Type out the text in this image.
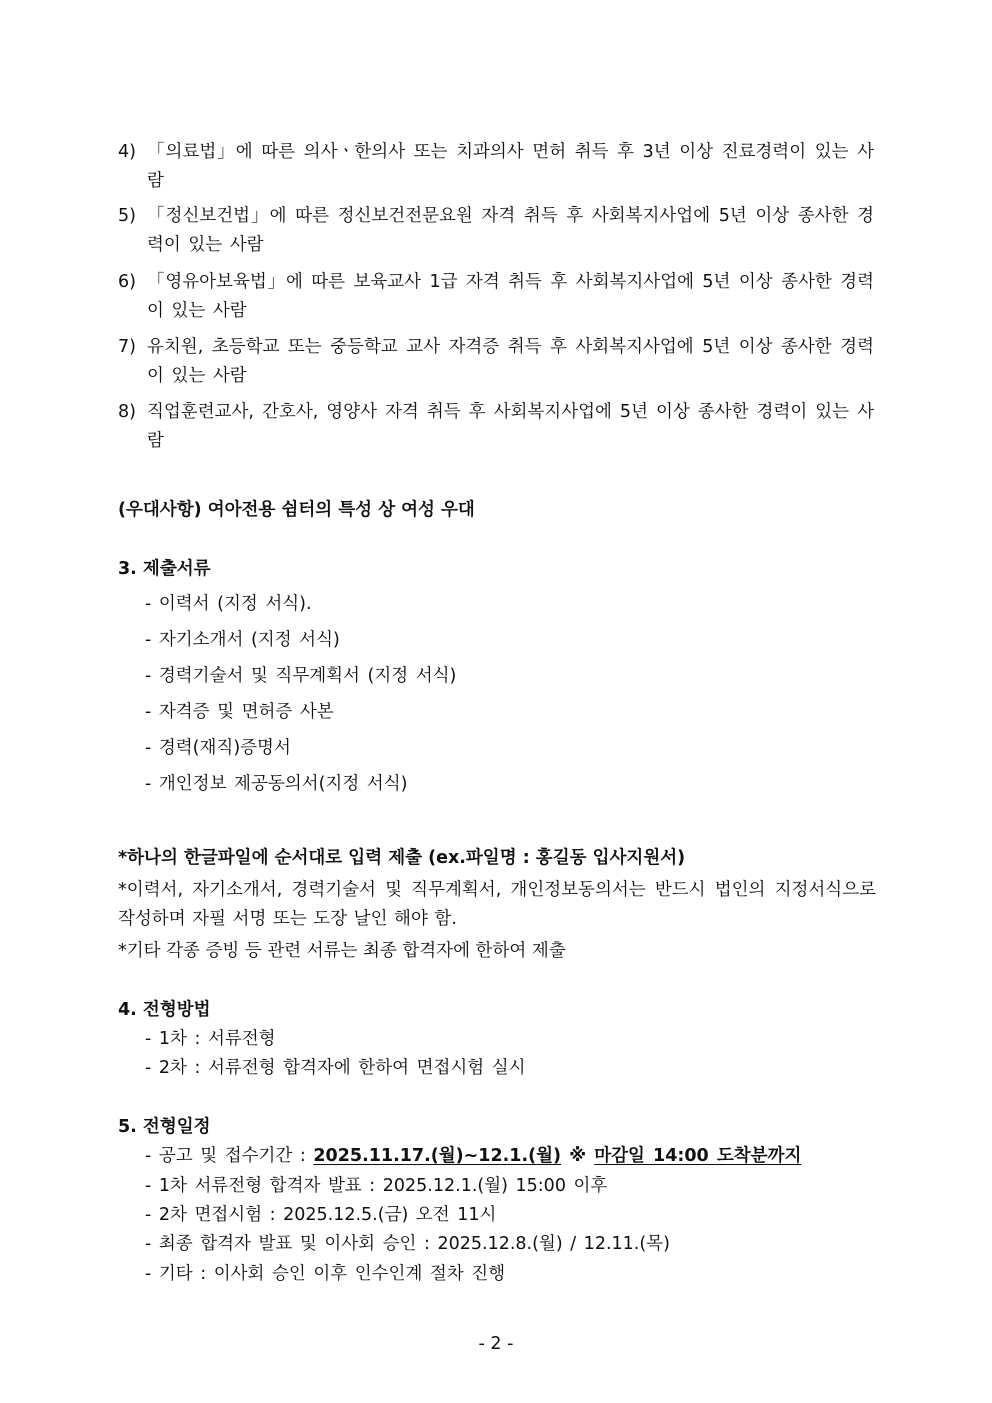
4) 「의료법」에 따른 의사ㆍ한의사 또는 치과의사 면허 취득 후 3년 이상 진료경력이 있는 사람
5) 「정신보건법」에 따른 정신보건전문요원 자격 취득 후 사회복지사업에 5년 이상 종사한 경력이 있는 사람
6) 「영유아보육법」에 따른 보육교사 1급 자격 취득 후 사회복지사업에 5년 이상 종사한 경력이 있는 사람
7) 유치원, 초등학교 또는 중등학교 교사 자격증 취득 후 사회복지사업에 5년 이상 종사한 경력이 있는 사람
8) 직업훈련교사, 간호사, 영양사 자격 취득 후 사회복지사업에 5년 이상 종사한 경력이 있는 사람
(우대사항) 여아전용 쉼터의 특성 상 여성 우대
3. 제출서류
- 이력서 (지정 서식).
- 자기소개서 (지정 서식)
- 경력기술서 및 직무계획서 (지정 서식)
- 자격증 및 면허증 사본
- 경력(재직)증명서
- 개인정보 제공동의서(지정 서식)
*하나의 한글파일에 순서대로 입력 제출 (ex.파일명 : 홍길동 입사지원서)
*이력서, 자기소개서, 경력기술서 및 직무계획서, 개인정보동의서는 반드시 법인의 지정서식으로 작성하며 자필 서명 또는 도장 날인 해야 함.
*기타 각종 증빙 등 관련 서류는 최종 합격자에 한하여 제출
4. 전형방법
- 1차 : 서류전형
- 2차 : 서류전형 합격자에 한하여 면접시험 실시
5. 전형일정
- 공고 및 접수기간 : 2025.11.17.(월)~12.1.(월) ※ 마감일 14:00 도착분까지
- 1차 서류전형 합격자 발표 : 2025.12.1.(월) 15:00 이후
- 2차 면접시험 : 2025.12.5.(금) 오전 11시
- 최종 합격자 발표 및 이사회 승인 : 2025.12.8.(월) / 12.11.(목)
- 기타 : 이사회 승인 이후 인수인계 절차 진행
- 2 -
